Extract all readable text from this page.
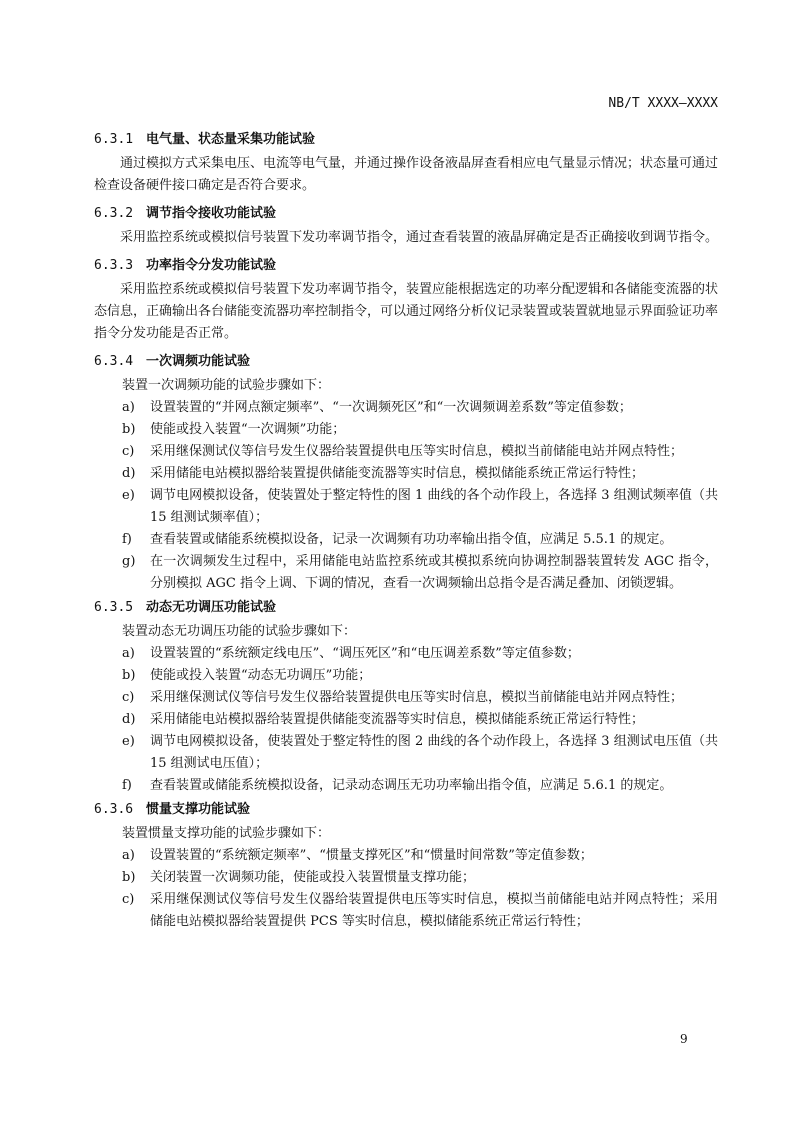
NB/T XXXX—XXXX
6.3.1 电气量、状态量采集功能试验
通过模拟方式采集电压、电流等电气量，并通过操作设备液晶屏查看相应电气量显示情况；状态量可通过检查设备硬件接口确定是否符合要求。
6.3.2 调节指令接收功能试验
采用监控系统或模拟信号装置下发功率调节指令，通过查看装置的液晶屏确定是否正确接收到调节指令。
6.3.3 功率指令分发功能试验
采用监控系统或模拟信号装置下发功率调节指令，装置应能根据选定的功率分配逻辑和各储能变流器的状态信息，正确输出各台储能变流器功率控制指令，可以通过网络分析仪记录装置或装置就地显示界面验证功率指令分发功能是否正常。
6.3.4 一次调频功能试验
装置一次调频功能的试验步骤如下：
a) 设置装置的“并网点额定频率”、“一次调频死区”和“一次调频调差系数”等定值参数；
b) 使能或投入装置“一次调频”功能；
c) 采用继保测试仪等信号发生仪器给装置提供电压等实时信息，模拟当前储能电站并网点特性；
d) 采用储能电站模拟器给装置提供储能变流器等实时信息，模拟储能系统正常运行特性；
e) 调节电网模拟设备，使装置处于整定特性的图 1 曲线的各个动作段上，各选择 3 组测试频率值（共 15 组测试频率值）；
f) 查看装置或储能系统模拟设备，记录一次调频有功功率输出指令值，应满足 5.5.1 的规定。
g) 在一次调频发生过程中，采用储能电站监控系统或其模拟系统向协调控制器装置转发 AGC 指令，分别模拟 AGC 指令上调、下调的情况，查看一次调频输出总指令是否满足叠加、闭锁逻辑。
6.3.5 动态无功调压功能试验
装置动态无功调压功能的试验步骤如下：
a) 设置装置的“系统额定线电压”、“调压死区”和“电压调差系数”等定值参数；
b) 使能或投入装置“动态无功调压”功能；
c) 采用继保测试仪等信号发生仪器给装置提供电压等实时信息，模拟当前储能电站并网点特性；
d) 采用储能电站模拟器给装置提供储能变流器等实时信息，模拟储能系统正常运行特性；
e) 调节电网模拟设备，使装置处于整定特性的图 2 曲线的各个动作段上，各选择 3 组测试电压值（共 15 组测试电压值）；
f) 查看装置或储能系统模拟设备，记录动态调压无功功率输出指令值，应满足 5.6.1 的规定。
6.3.6 惯量支撑功能试验
装置惯量支撑功能的试验步骤如下：
a) 设置装置的“系统额定频率”、“惯量支撑死区”和“惯量时间常数”等定值参数；
b) 关闭装置一次调频功能，使能或投入装置惯量支撑功能；
c) 采用继保测试仪等信号发生仪器给装置提供电压等实时信息，模拟当前储能电站并网点特性；采用储能电站模拟器给装置提供 PCS 等实时信息，模拟储能系统正常运行特性；
9
